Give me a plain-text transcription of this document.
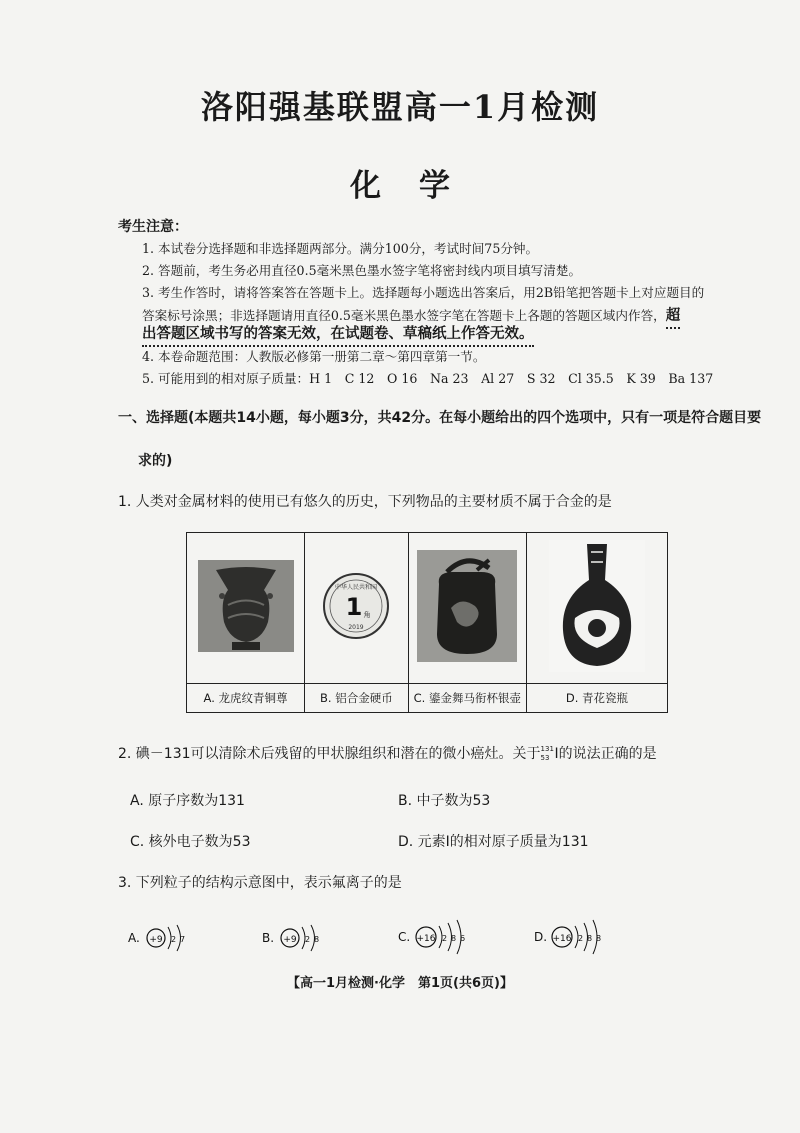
洛阳强基联盟高一1月检测
化学
考生注意：
1. 本试卷分选择题和非选择题两部分。满分100分，考试时间75分钟。
2. 答题前，考生务必用直径0.5毫米黑色墨水签字笔将密封线内项目填写清楚。
3. 考生作答时，请将答案答在答题卡上。选择题每小题选出答案后，用2B铅笔把答题卡上对应题目的
答案标号涂黑；非选择题请用直径0.5毫米黑色墨水签字笔在答题卡上各题的答题区域内作答，超
出答题区域书写的答案无效，在试题卷、草稿纸上作答无效。
4. 本卷命题范围：人教版必修第一册第二章～第四章第一节。
5. 可能用到的相对原子质量：H 1　C 12　O 16　Na 23　Al 27　S 32　Cl 35.5　K 39　Ba 137
一、选择题(本题共14小题，每小题3分，共42分。在每小题给出的四个选项中，只有一项是符合题目要
求的)
1. 人类对金属材料的使用已有悠久的历史，下列物品的主要材质不属于合金的是

中华人民共和国
1 角
2019

A. 龙虎纹青铜尊	B. 铝合金硬币	C. 鎏金舞马衔杯银壶	D. 青花瓷瓶
2. 碘－131可以清除术后残留的甲状腺组织和潜在的微小癌灶。关于 131
53 I的说法正确的是
A. 原子序数为131	B. 中子数为53
C. 核外电子数为53	D. 元素Ⅰ的相对原子质量为131
3. 下列粒子的结构示意图中，表示氟离子的是
A. +9 2 7	B. +9 2 8	C. +16 2 8 6	D. +16 2 8 8
【高一1月检测·化学　第1页(共6页)】
